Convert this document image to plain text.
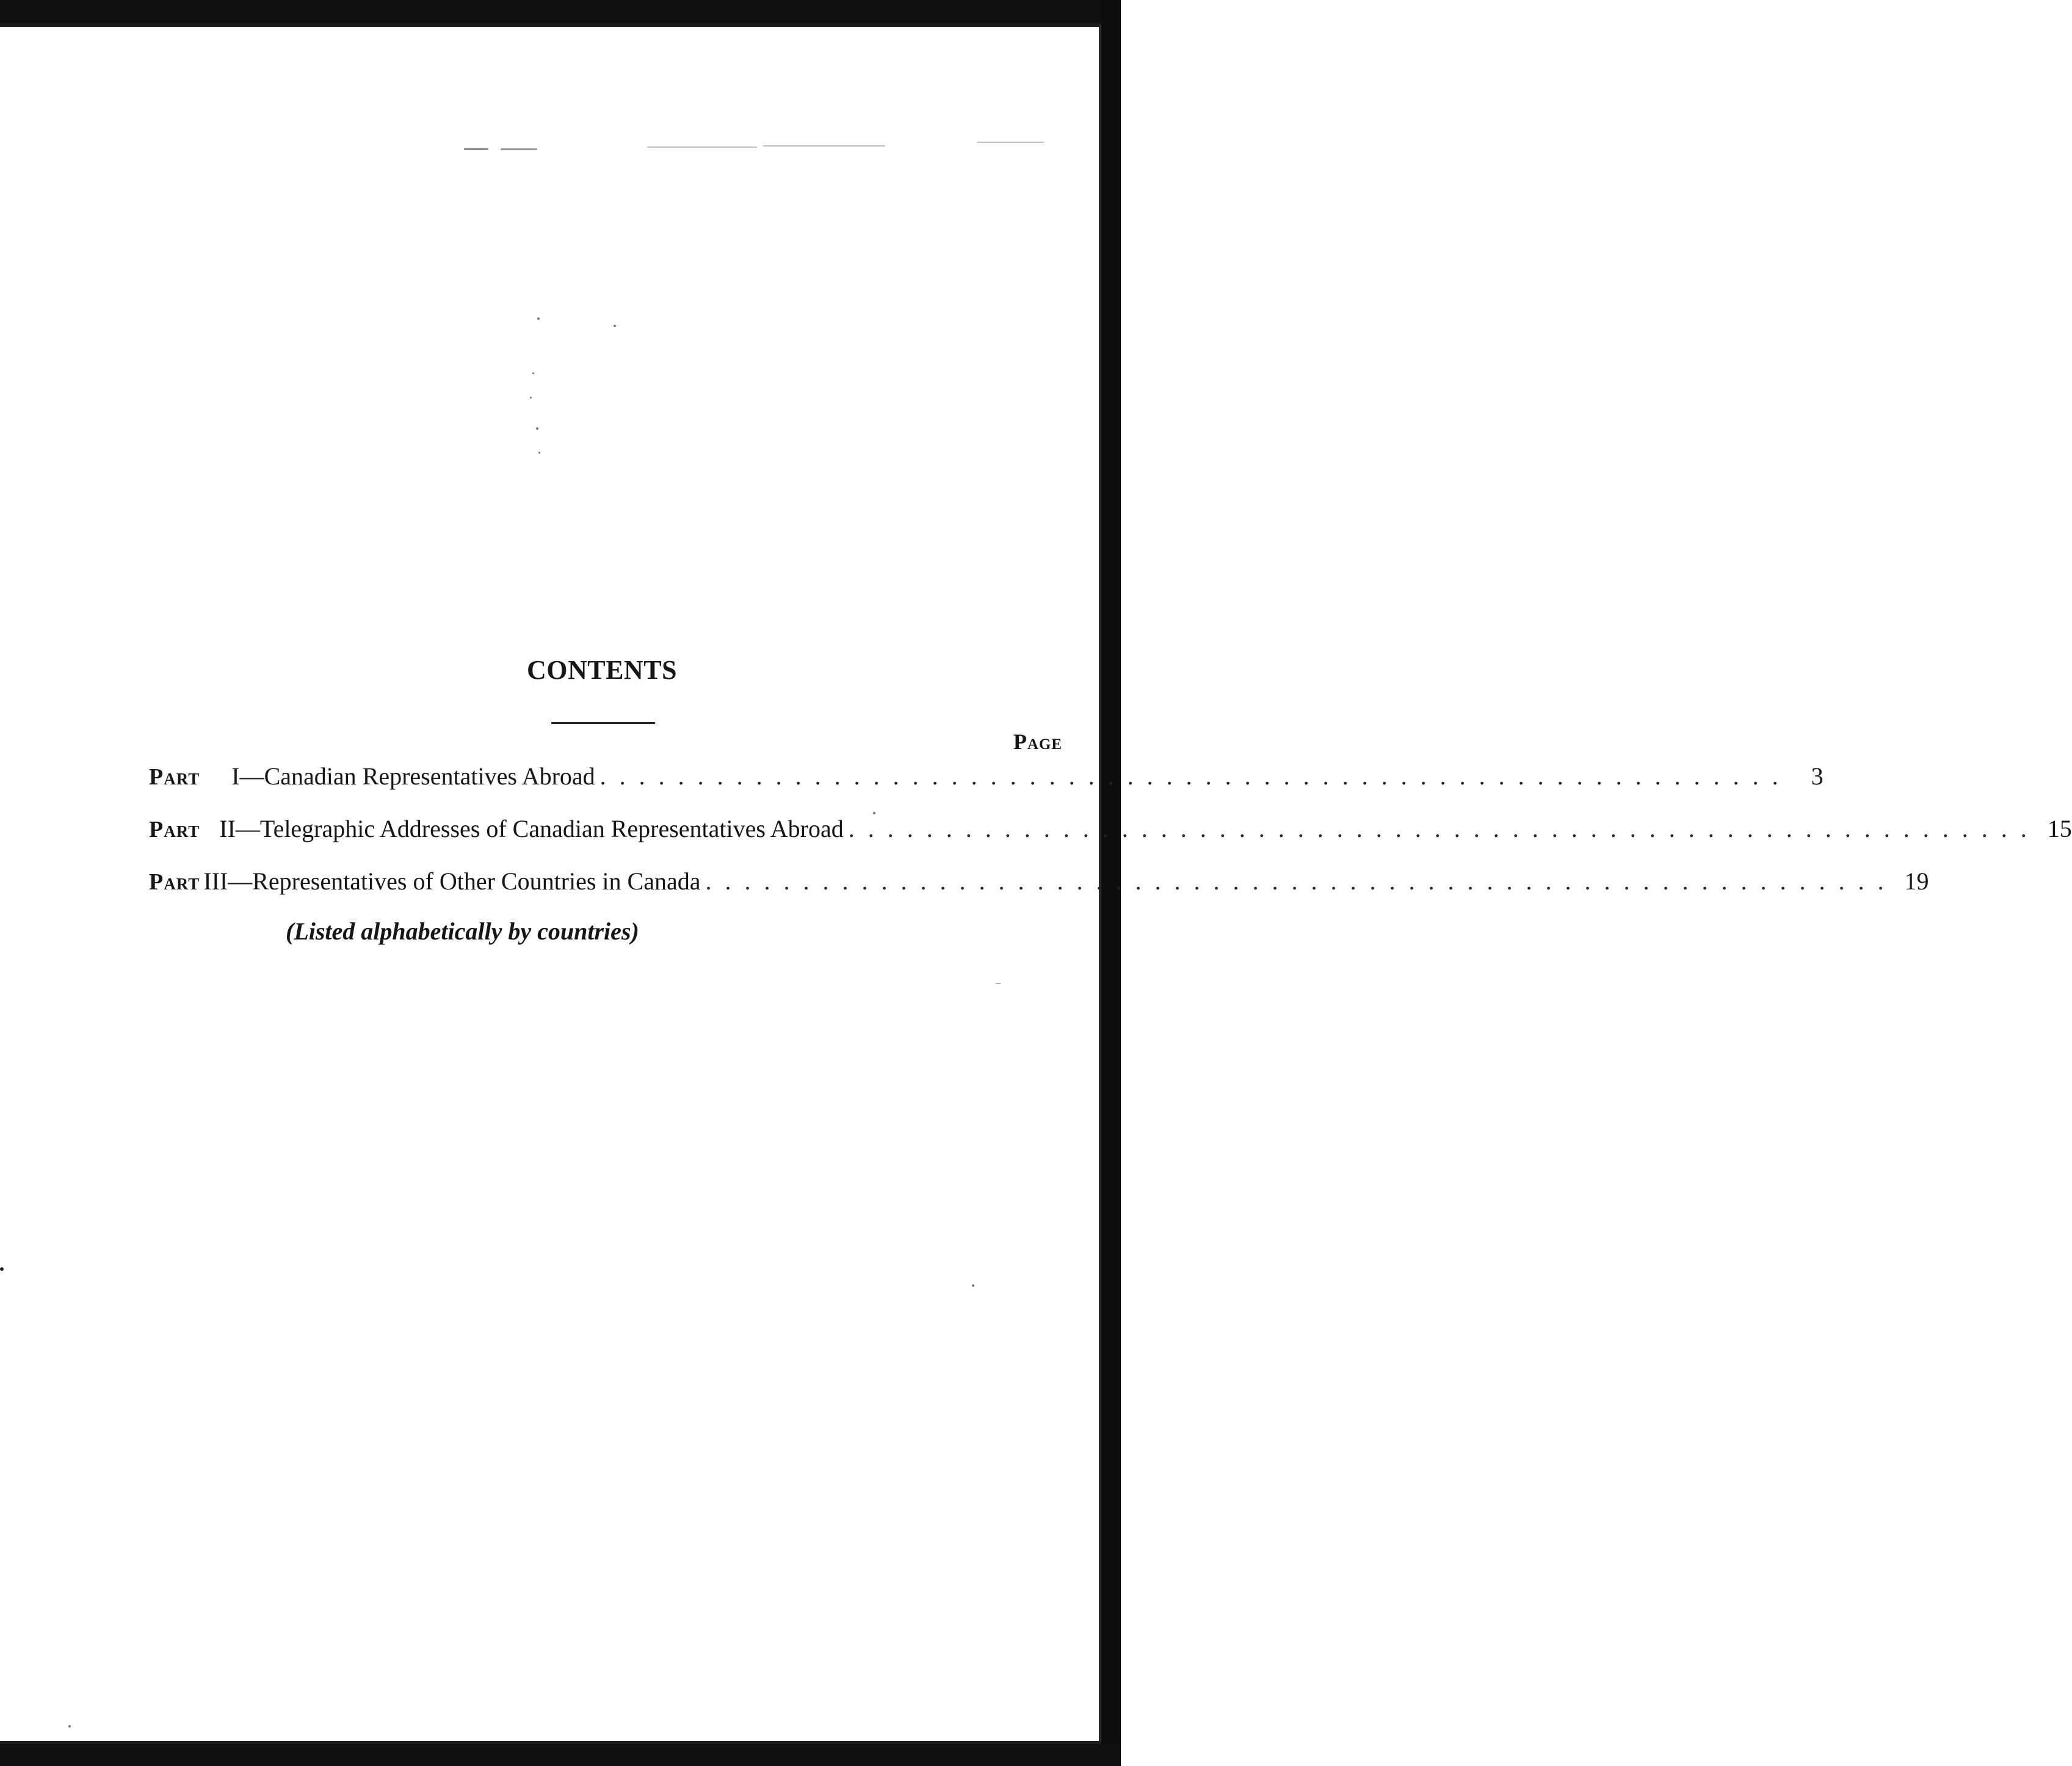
CONTENTS
Page
Part I —Canadian Representatives Abroad . . . . . . . . . . . . . . . . . . . . . . . . . . . . . . . . . . . . . . . . . . . . . . . . . . . . . . . . . . . . .	3
Part II —Telegraphic Addresses of Canadian Representatives Abroad . . . . . . . . . . . . . . . . . . . . . . . . . . . . . . . . . . . . . . . . . . . . . . . . . . . . . . . . . . . . . 15
Part III —Representatives of Other Countries in Canada . . . . . . . . . . . . . . . . . . . . . . . . . . . . . . . . . . . . . . . . . . . . . . . . . . . . . . . . . . . . . 19
(Listed alphabetically by countries)
